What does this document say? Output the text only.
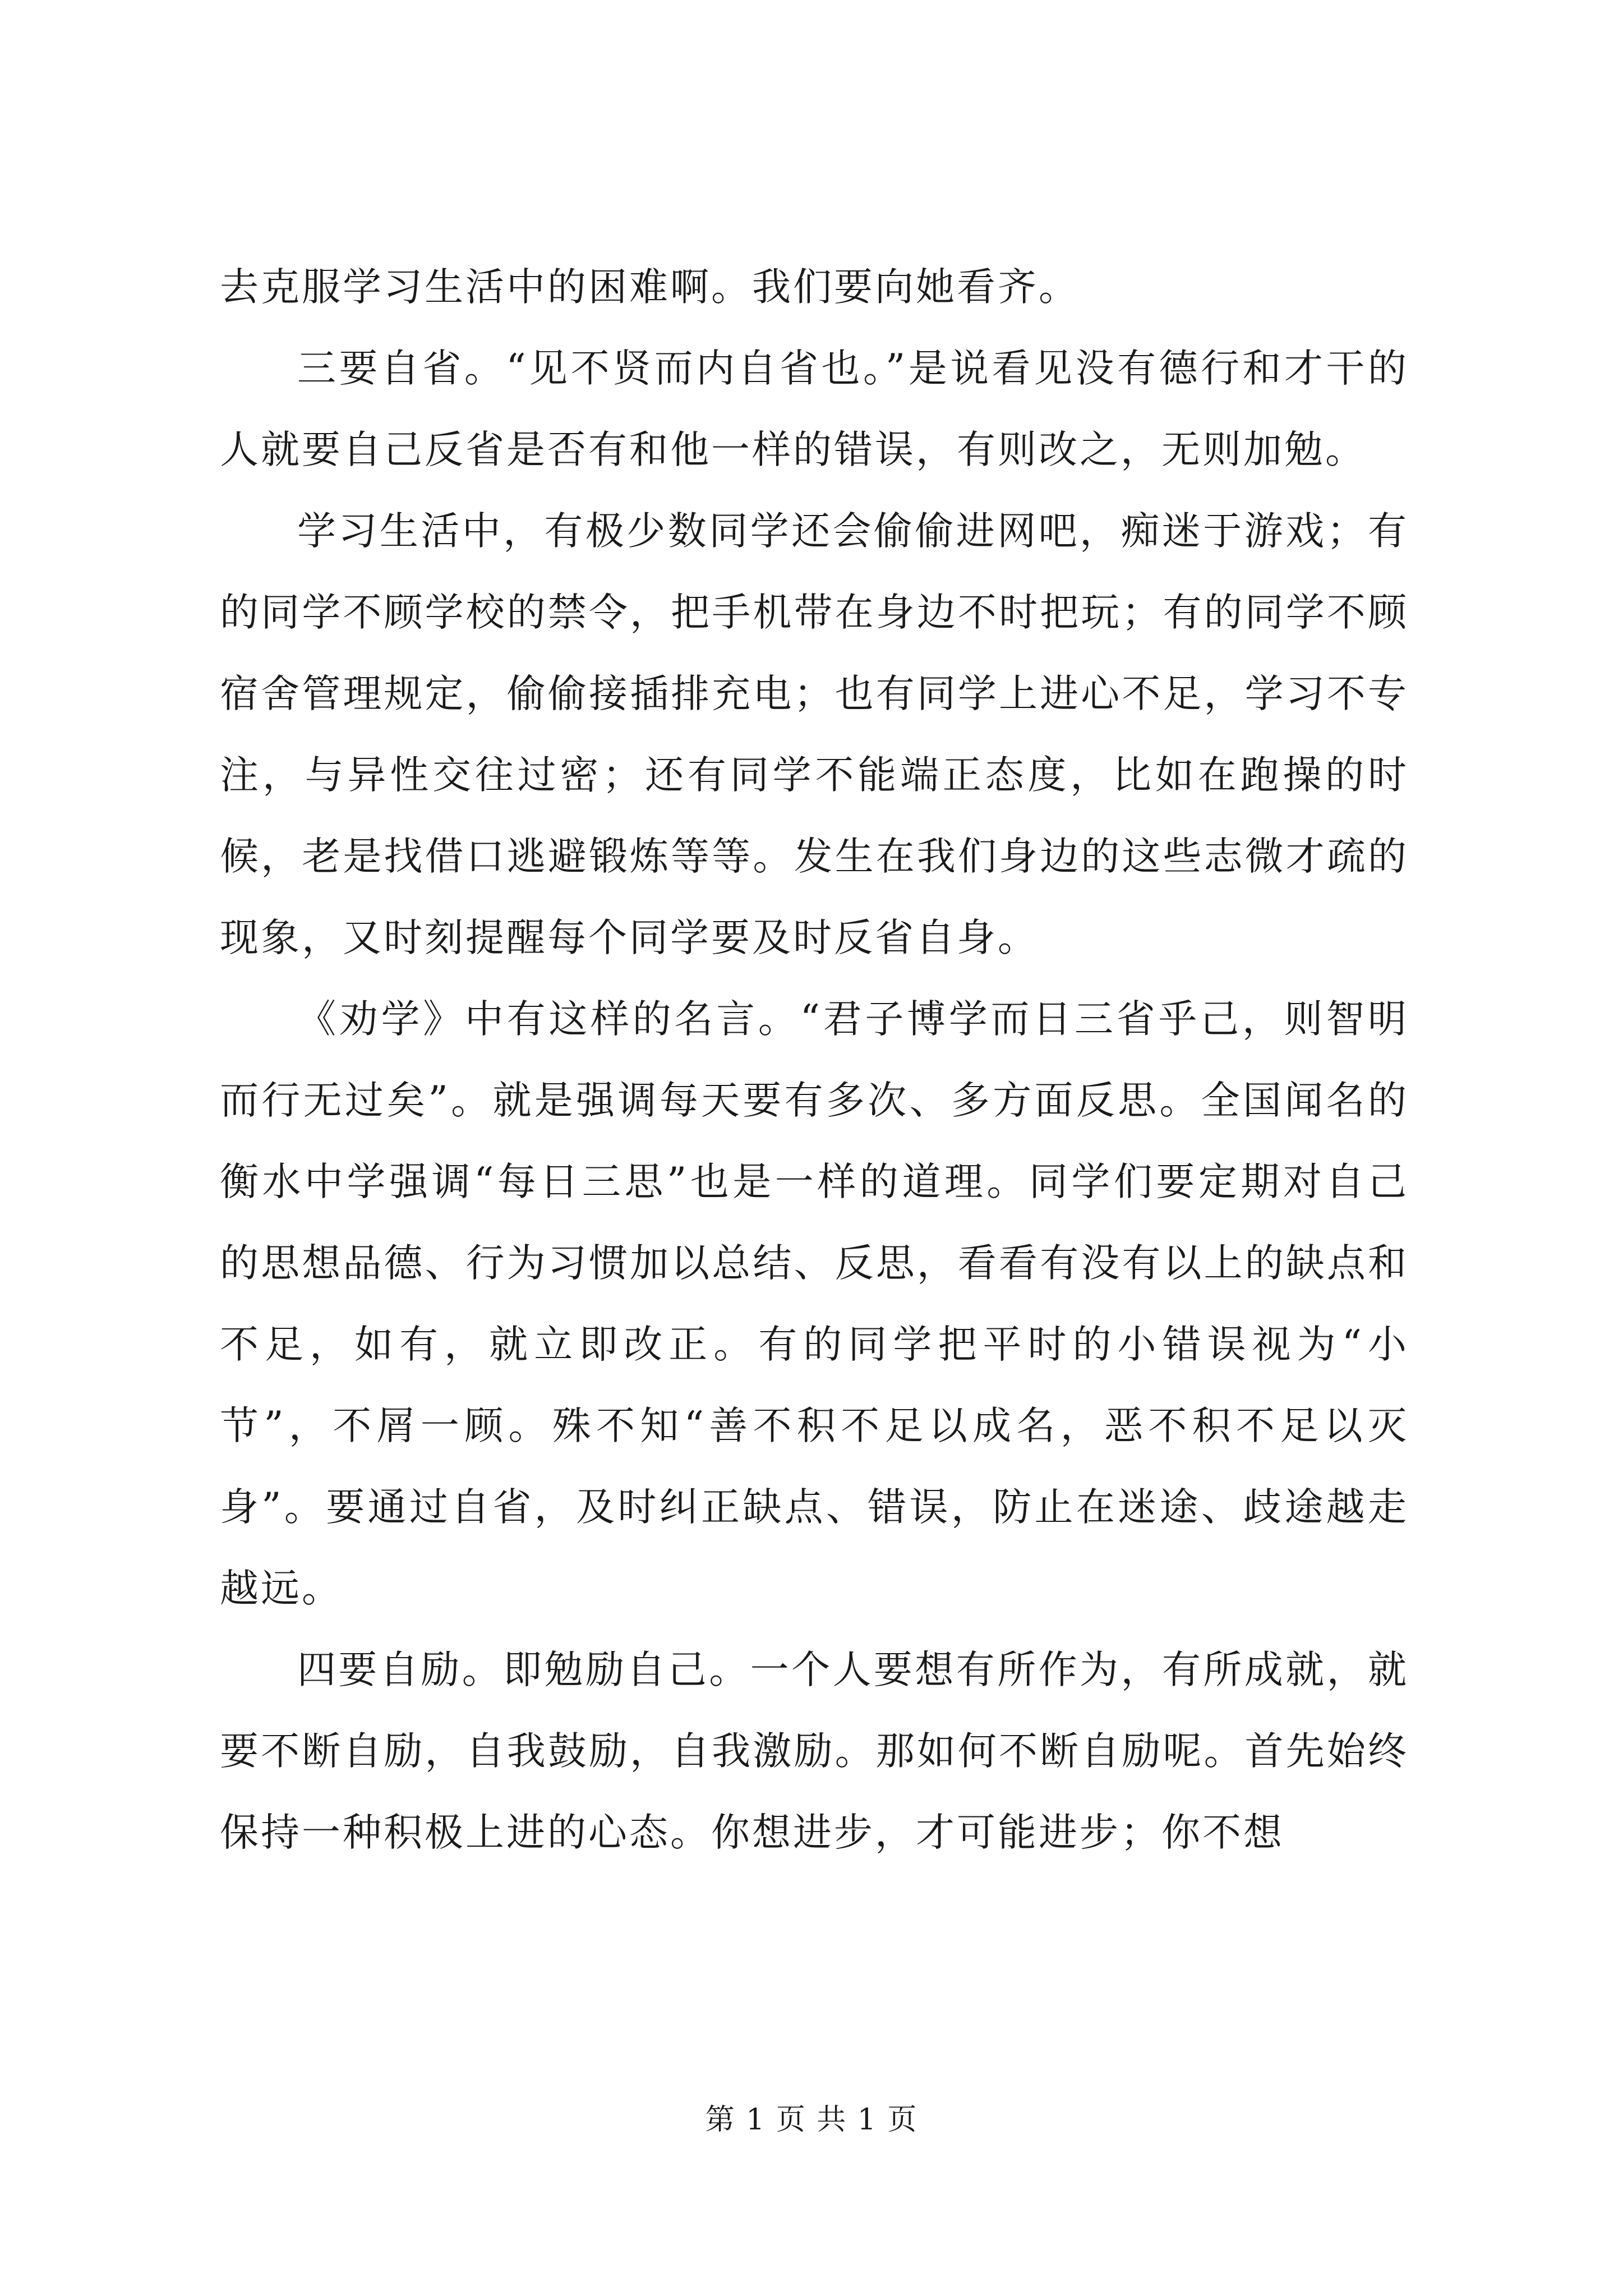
去克服学习生活中的困难啊。我们要向她看齐。

三要自省。“见不贤而内自省也。”是说看见没有德行和才干的人就要自己反省是否有和他一样的错误，有则改之，无则加勉。

学习生活中，有极少数同学还会偷偷进网吧，痴迷于游戏；有的同学不顾学校的禁令，把手机带在身边不时把玩；有的同学不顾宿舍管理规定，偷偷接插排充电；也有同学上进心不足，学习不专注，与异性交往过密；还有同学不能端正态度，比如在跑操的时候，老是找借口逃避锻炼等等。发生在我们身边的这些志微才疏的现象，又时刻提醒每个同学要及时反省自身。

《劝学》中有这样的名言。“君子博学而日三省乎己，则智明而行无过矣”。就是强调每天要有多次、多方面反思。全国闻名的衡水中学强调“每日三思”也是一样的道理。同学们要定期对自己的思想品德、行为习惯加以总结、反思，看看有没有以上的缺点和不足，如有，就立即改正。有的同学把平时的小错误视为“小节”，不屑一顾。殊不知“善不积不足以成名，恶不积不足以灭身”。要通过自省，及时纠正缺点、错误，防止在迷途、歧途越走越远。

四要自励。即勉励自己。一个人要想有所作为，有所成就，就要不断自励，自我鼓励，自我激励。那如何不断自励呢。首先始终保持一种积极上进的心态。你想进步，才可能进步；你不想

第 1 页 共 1 页
